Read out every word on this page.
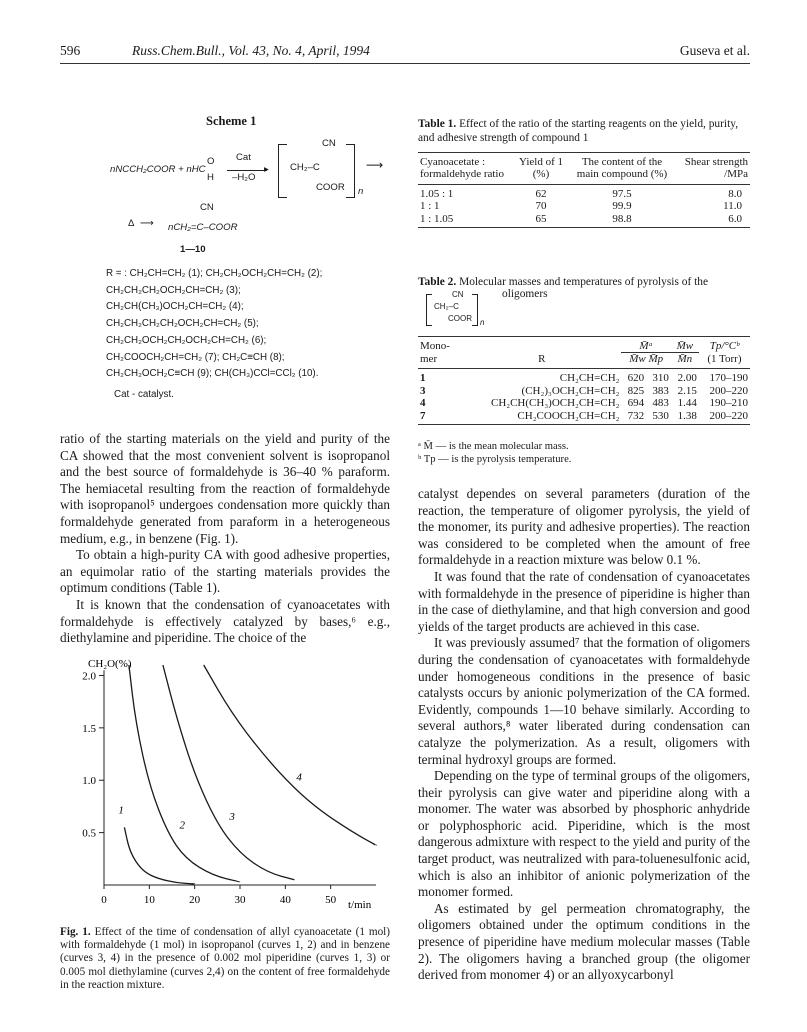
596	Russ.Chem.Bull., Vol. 43, No. 4, April, 1994	Guseva et al.
Scheme 1
nNCCH₂COOR + nHC
O
H
Cat
▸
–H₂O
CN
CH₂–C
COOR n
⟶
CN
Δ ⟶ nCH₂=C–COOR
1—10
R = : CH₂CH=CH₂ (1); CH₂CH₂OCH₂CH=CH₂ (2);
CH₂CH₂CH₂OCH₂CH=CH₂ (3);
CH₂CH(CH₃)OCH₂CH=CH₂ (4);
CH₂CH₂CH₂CH₂OCH₂CH=CH₂ (5);
CH₂CH₂OCH₂CH₂OCH₂CH=CH₂ (6);
CH₂COOCH₂CH=CH₂ (7); CH₂C≡CH (8);
CH₂CH₂OCH₂C≡CH (9); CH(CH₃)CCl=CCl₂ (10).
Cat - catalyst.

ratio of the starting materials on the yield and purity of the CA showed that the most convenient solvent is isopropanol and the best source of formaldehyde is 36–40 % paraform. The hemiacetal resulting from the reaction of formaldehyde with isopropanol⁵ undergoes condensation more quickly than formaldehyde generated from paraform in a heterogeneous medium, e.g., in benzene (Fig. 1).

To obtain a high-purity CA with good adhesive properties, an equimolar ratio of the starting materials provides the optimum conditions (Table 1).

It is known that the condensation of cyanoacetates with formaldehyde is effectively catalyzed by bases,⁶ e.g., diethylamine and piperidine. The choice of the

CH₂O(%)
0.5
1.0
1.5
2.0
0	10	20	30	40	50
1
2
3
4
t/min
Fig. 1. Effect of the time of condensation of allyl cyanoacetate (1 mol) with formaldehyde (1 mol) in isopropanol (curves 1, 2) and in benzene (curves 3, 4) in the presence of 0.002 mol piperidine (curves 1, 3) or 0.005 mol diethylamine (curves 2,4) on the content of free formaldehyde in the reaction mixture.
Table 1. Effect of the ratio of the starting reagents on the yield, purity, and adhesive strength of compound 1
Cyanoacetate : formaldehyde ratio	Yield of 1 (%)	The content of the main compound (%)	Shear strength /MPa
1.05 : 1	62	97.5	8.0
1 : 1	70	99.9	11.0
1 : 1.05	65	98.8	6.0
Table 2. Molecular masses and temperatures of pyrolysis of the
CN
CH₂–C
COOR n
oligomers
Mono-		M̄ᵃ		M̄w	Tp/°Cᵇ
mer	R	M̄w M̄p		M̄n	(1 Torr)
1	CH₂CH=CH₂	620	310	2.00	170–190
3	(CH₂)₃OCH₂CH=CH₂	825	383	2.15	200–220
4	CH₂CH(CH₃)OCH₂CH=CH₂	694	483	1.44	190–210
7	CH₂COOCH₂CH=CH₂	732	530	1.38	200–220
ᵃ M̄ — is the mean molecular mass.
ᵇ Tp — is the pyrolysis temperature.

catalyst dependes on several parameters (duration of the reaction, the temperature of oligomer pyrolysis, the yield of the monomer, its purity and adhesive properties). The reaction was considered to be completed when the amount of free formaldehyde in a reaction mixture was below 0.1 %.

It was found that the rate of condensation of cyanoacetates with formaldehyde in the presence of piperidine is higher than in the case of diethylamine, and that high conversion and good yields of the target products are achieved in this case.

It was previously assumed⁷ that the formation of oligomers during the condensation of cyanoacetates with formaldehyde under homogeneous conditions in the presence of basic catalysts occurs by anionic polymerization of the CA formed. Evidently, compounds 1—10 behave similarly. According to several authors,⁸ water liberated during condensation can catalyze the polymerization. As a result, oligomers with terminal hydroxyl groups are formed.

Depending on the type of terminal groups of the oligomers, their pyrolysis can give water and piperidine along with a monomer. The water was absorbed by phosphoric anhydride or polyphosphoric acid. Piperidine, which is the most dangerous admixture with respect to the yield and purity of the target product, was neutralized with para-toluenesulfonic acid, which is also an inhibitor of anionic polymerization of the monomer formed.

As estimated by gel permeation chromatography, the oligomers obtained under the optimum conditions in the presence of piperidine have medium molecular masses (Table 2). The oligomers having a branched group (the oligomer derived from monomer 4) or an allyoxycarbonyl
